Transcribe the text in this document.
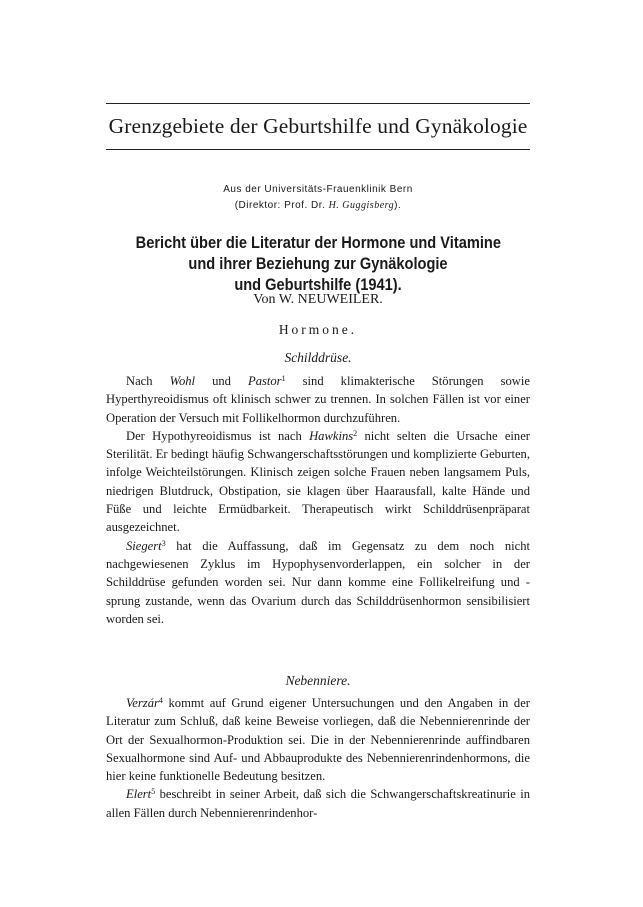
Grenzgebiete der Geburtshilfe und Gynäkologie
Aus der Universitäts-Frauenklinik Bern
(Direktor: Prof. Dr. H. Guggisberg).
Bericht über die Literatur der Hormone und Vitamine
und ihrer Beziehung zur Gynäkologie
und Geburtshilfe (1941).
Von W. NEUWEILER.
Hormone.
Schilddrüse.

Nach Wohl und Pastor$^1$ sind klimakterische Störungen sowie Hyperthyreoidismus oft klinisch schwer zu trennen. In solchen Fällen ist vor einer Operation der Versuch mit Follikelhormon durchzuführen.

Der Hypothyreoidismus ist nach Hawkins$^2$ nicht selten die Ursache einer Sterilität. Er bedingt häufig Schwangerschaftsstörungen und komplizierte Geburten, infolge Weichteilstörungen. Klinisch zeigen solche Frauen neben langsamem Puls, niedrigen Blutdruck, Obstipation, sie klagen über Haarausfall, kalte Hände und Füße und leichte Ermüdbarkeit. Therapeutisch wirkt Schilddrüsenpräparat ausgezeichnet.

Siegert$^3$ hat die Auffassung, daß im Gegensatz zu dem noch nicht nachgewiesenen Zyklus im Hypophysenvorderlappen, ein solcher in der Schilddrüse gefunden worden sei. Nur dann komme eine Follikelreifung und -sprung zustande, wenn das Ovarium durch das Schilddrüsenhormon sensibilisiert worden sei.

Nebenniere.

Verzár$^4$ kommt auf Grund eigener Untersuchungen und den Angaben in der Literatur zum Schluß, daß keine Beweise vorliegen, daß die Nebennierenrinde der Ort der Sexualhormon-Produktion sei. Die in der Nebennierenrinde auffindbaren Sexualhormone sind Auf- und Abbauprodukte des Nebennierenrindenhormons, die hier keine funktionelle Bedeutung besitzen.

Elert$^5$ beschreibt in seiner Arbeit, daß sich die Schwangerschaftskreatinurie in allen Fällen durch Nebennierenrindenhor-
